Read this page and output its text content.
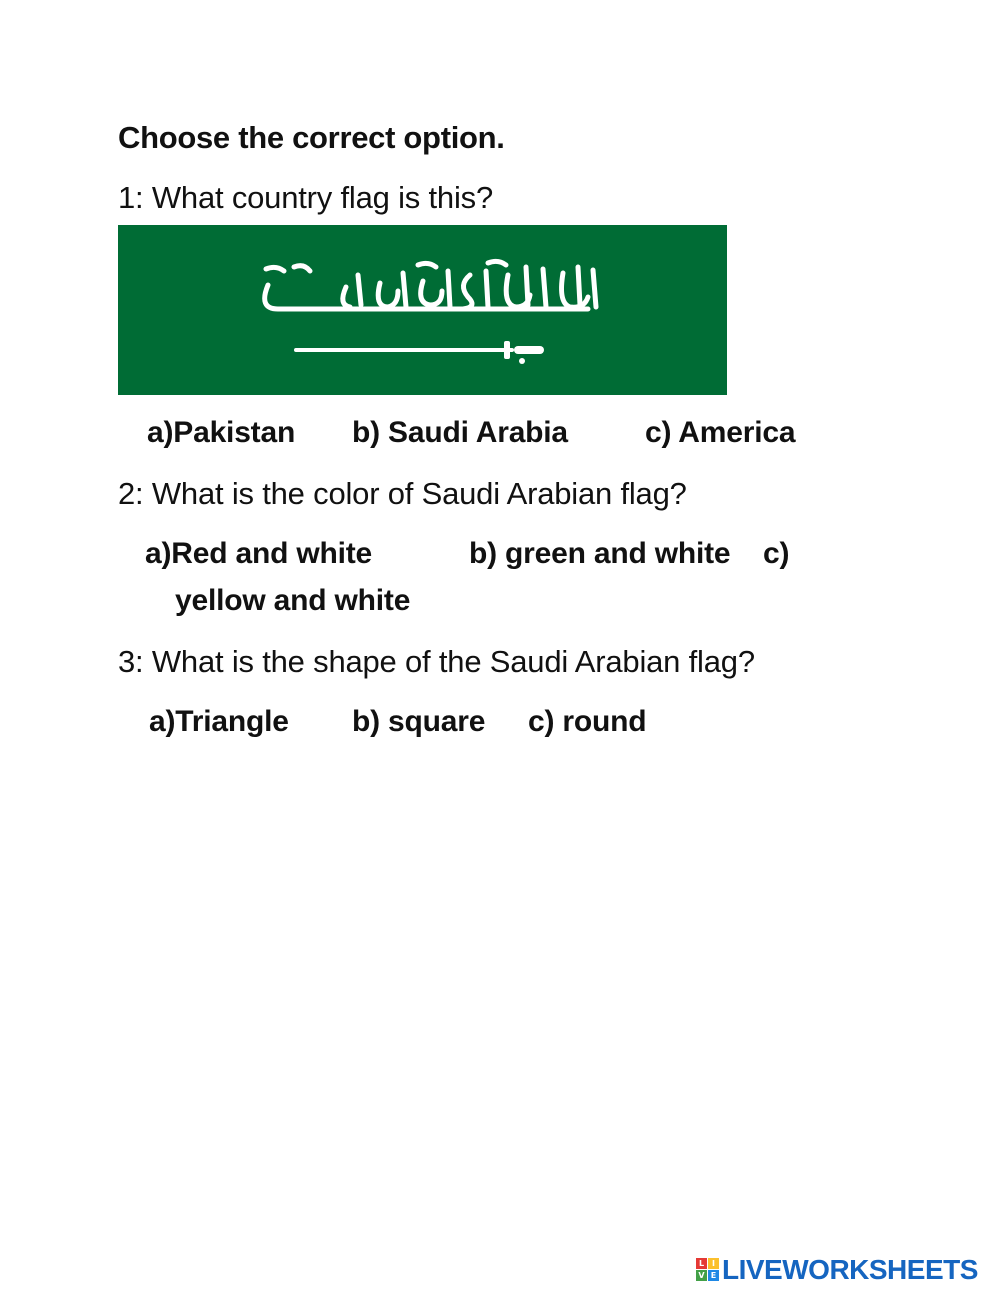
Choose the correct option.
1: What country flag is this?
a)Pakistan b) Saudi Arabia	c) America
2: What is the color of Saudi Arabian flag?
a)Red and white	b) green and white c)
yellow and white
3: What is the shape of the Saudi Arabian flag?
a)Triangle b) square c) round
L I
V E LIVEWORKSHEETS
